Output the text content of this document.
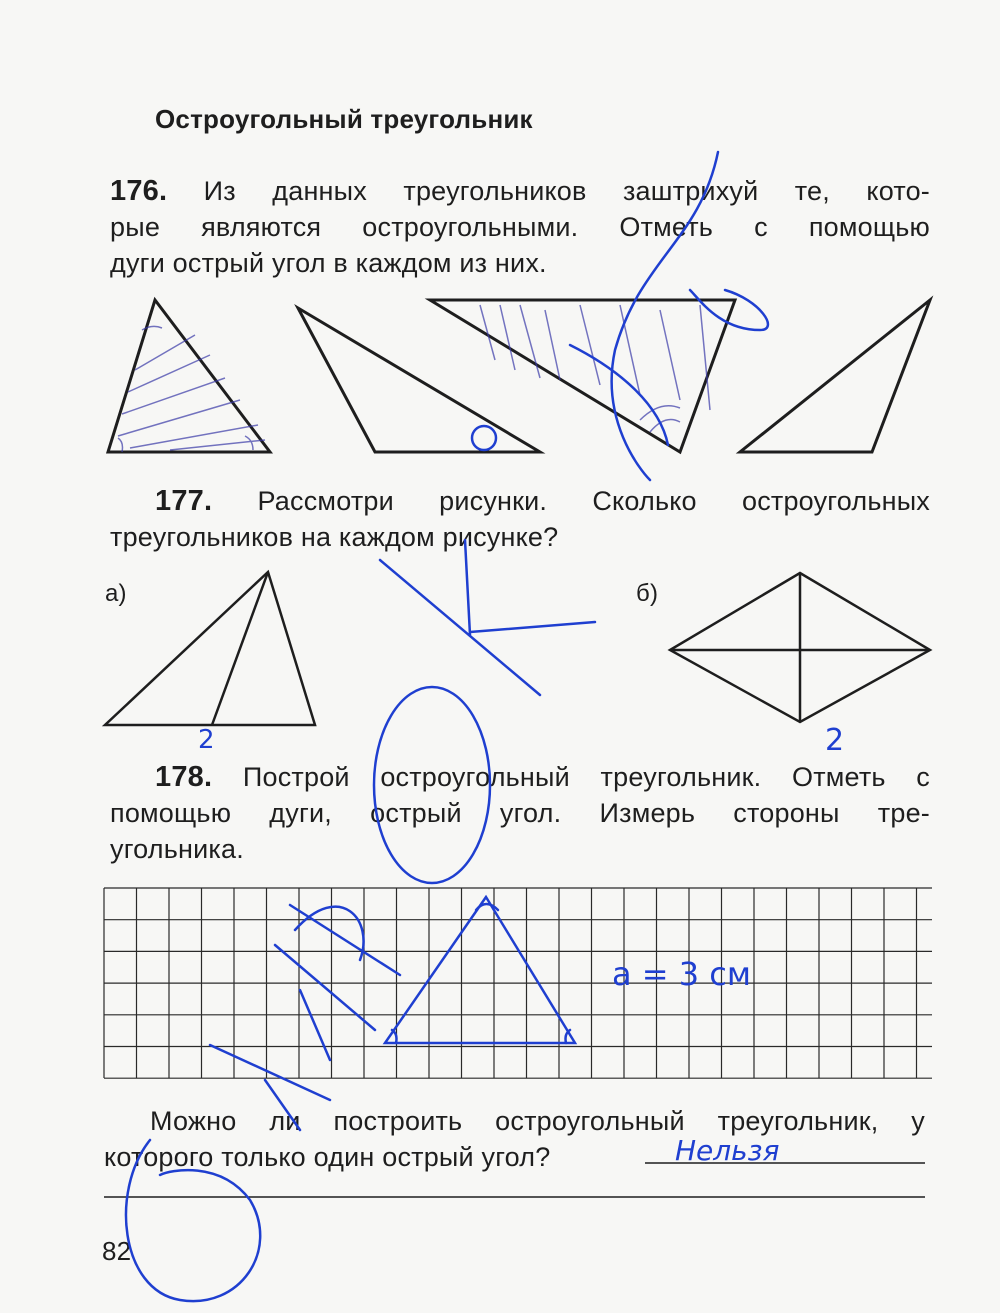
Остроугольный треугольник
176. Из данных треугольников заштрихуй те, кото-
рые являются остроугольными. Отметь с помощью
дуги острый угол в каждом из них.
177. Рассмотри рисунки. Сколько остроугольных
треугольников на каждом рисунке?
а)	б)
178. Построй остроугольный треугольник. Отметь с
помощью дуги, острый угол. Измерь стороны тре-
угольника.
Можно ли построить остроугольный треугольник, у
которого только один острый угол?
82
2	2
a = 3 см
Нельзя
